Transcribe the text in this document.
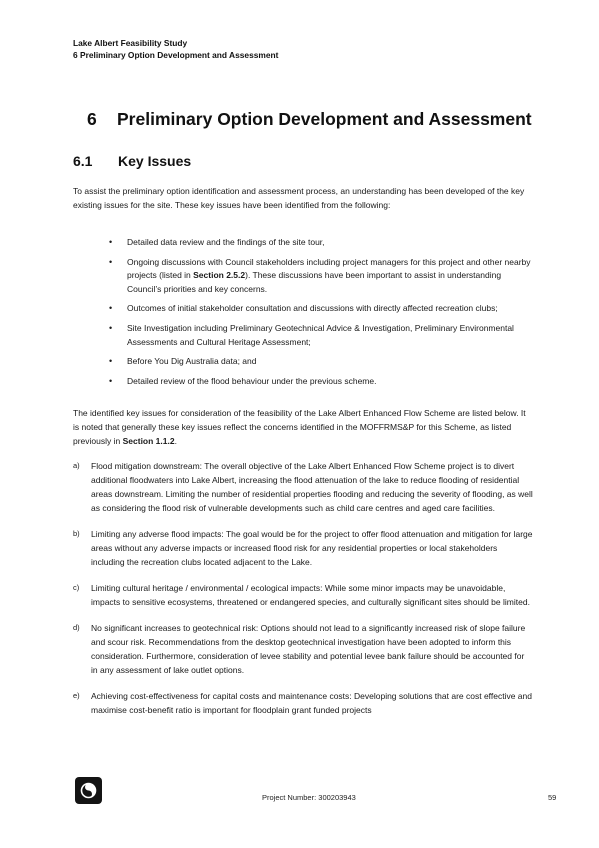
Lake Albert Feasibility Study
6 Preliminary Option Development and Assessment
6 Preliminary Option Development and Assessment
6.1 Key Issues

To assist the preliminary option identification and assessment process, an understanding has been developed of the key existing issues for the site. These key issues have been identified from the following:

• Detailed data review and the findings of the site tour,
• Ongoing discussions with Council stakeholders including project managers for this project and other nearby projects (listed in Section 2.5.2). These discussions have been important to assist in understanding Council’s priorities and key concerns.
• Outcomes of initial stakeholder consultation and discussions with directly affected recreation clubs;
• Site Investigation including Preliminary Geotechnical Advice & Investigation, Preliminary Environmental Assessments and Cultural Heritage Assessment;
• Before You Dig Australia data; and
• Detailed review of the flood behaviour under the previous scheme.

The identified key issues for consideration of the feasibility of the Lake Albert Enhanced Flow Scheme are listed below. It is noted that generally these key issues reflect the concerns identified in the MOFFRMS&P for this Scheme, as listed previously in Section 1.1.2.

a) Flood mitigation downstream: The overall objective of the Lake Albert Enhanced Flow Scheme project is to divert additional floodwaters into Lake Albert, increasing the flood attenuation of the lake to reduce flooding of residential areas downstream. Limiting the number of residential properties flooding and reducing the severity of flooding, as well as considering the flood risk of vulnerable developments such as child care centres and aged care facilities.
b) Limiting any adverse flood impacts: The goal would be for the project to offer flood attenuation and mitigation for large areas without any adverse impacts or increased flood risk for any residential properties or local stakeholders including the recreation clubs located adjacent to the Lake.
c) Limiting cultural heritage / environmental / ecological impacts: While some minor impacts may be unavoidable, impacts to sensitive ecosystems, threatened or endangered species, and culturally significant sites should be limited.
d) No significant increases to geotechnical risk: Options should not lead to a significantly increased risk of slope failure and scour risk. Recommendations from the desktop geotechnical investigation have been adopted to inform this consideration. Furthermore, consideration of levee stability and potential levee bank failure should be accounted for in any assessment of lake outlet options.
e) Achieving cost-effectiveness for capital costs and maintenance costs: Developing solutions that are cost effective and maximise cost-benefit ratio is important for floodplain grant funded projects
Project Number: 300203943	59
